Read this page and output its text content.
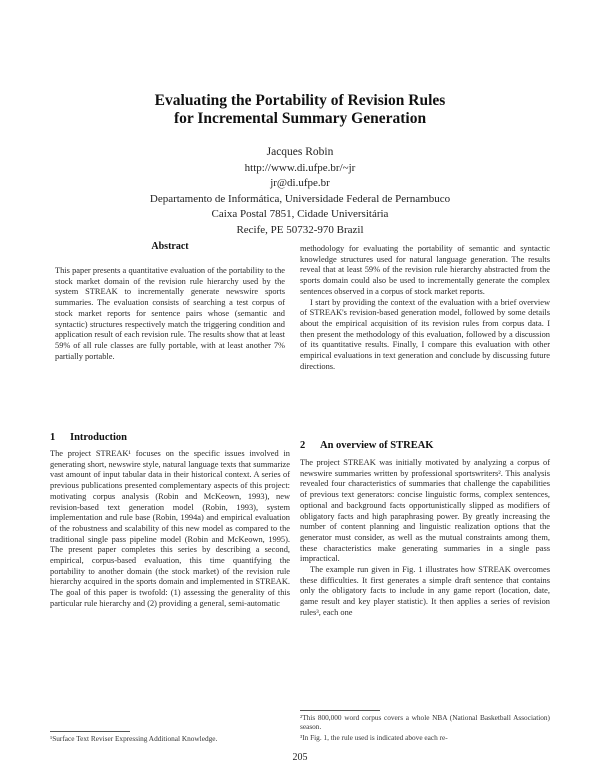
Evaluating the Portability of Revision Rules
for Incremental Summary Generation
Jacques Robin
http://www.di.ufpe.br/~jr
jr@di.ufpe.br
Departamento de Informática, Universidade Federal de Pernambuco
Caixa Postal 7851, Cidade Universitária
Recife, PE 50732-970 Brazil
Abstract
This paper presents a quantitative evaluation of the portability to the stock market domain of the revision rule hierarchy used by the system STREAK to incrementally generate newswire sports summaries. The evaluation consists of searching a test corpus of stock market reports for sentence pairs whose (semantic and syntactic) structures respectively match the triggering condition and application result of each revision rule. The results show that at least 59% of all rule classes are fully portable, with at least another 7% partially portable.
1 Introduction
The project STREAK¹ focuses on the specific issues involved in generating short, newswire style, natural language texts that summarize vast amount of input tabular data in their historical context. A series of previous publications presented complementary aspects of this project: motivating corpus analysis (Robin and McKeown, 1993), new revision-based text generation model (Robin, 1993), system implementation and rule base (Robin, 1994a) and empirical evaluation of the robustness and scalability of this new model as compared to the traditional single pass pipeline model (Robin and McKeown, 1995). The present paper completes this series by describing a second, empirical, corpus-based evaluation, this time quantifying the portability to another domain (the stock market) of the revision rule hierarchy acquired in the sports domain and implemented in STREAK. The goal of this paper is twofold: (1) assessing the generality of this particular rule hierarchy and (2) providing a general, semi-automatic
methodology for evaluating the portability of semantic and syntactic knowledge structures used for natural language generation. The results reveal that at least 59% of the revision rule hierarchy abstracted from the sports domain could also be used to incrementally generate the complex sentences observed in a corpus of stock market reports.
I start by providing the context of the evaluation with a brief overview of STREAK's revision-based generation model, followed by some details about the empirical acquisition of its revision rules from corpus data. I then present the methodology of this evaluation, followed by a discussion of its quantitative results. Finally, I compare this evaluation with other empirical evaluations in text generation and conclude by discussing future directions.
2 An overview of STREAK
The project STREAK was initially motivated by analyzing a corpus of newswire summaries written by professional sportswriters². This analysis revealed four characteristics of summaries that challenge the capabilities of previous text generators: concise linguistic forms, complex sentences, optional and background facts opportunistically slipped as modifiers of obligatory facts and high paraphrasing power. By greatly increasing the number of content planning and linguistic realization options that the generator must consider, as well as the mutual constraints among them, these characteristics make generating summaries in a single pass impractical.
The example run given in Fig. 1 illustrates how STREAK overcomes these difficulties. It first generates a simple draft sentence that contains only the obligatory facts to include in any game report (location, date, game result and key player statistic). It then applies a series of revision rules³, each one
¹Surface Text Reviser Expressing Additional Knowledge.
²This 800,000 word corpus covers a whole NBA (National Basketball Association) season.
³In Fig. 1, the rule used is indicated above each re-
205
